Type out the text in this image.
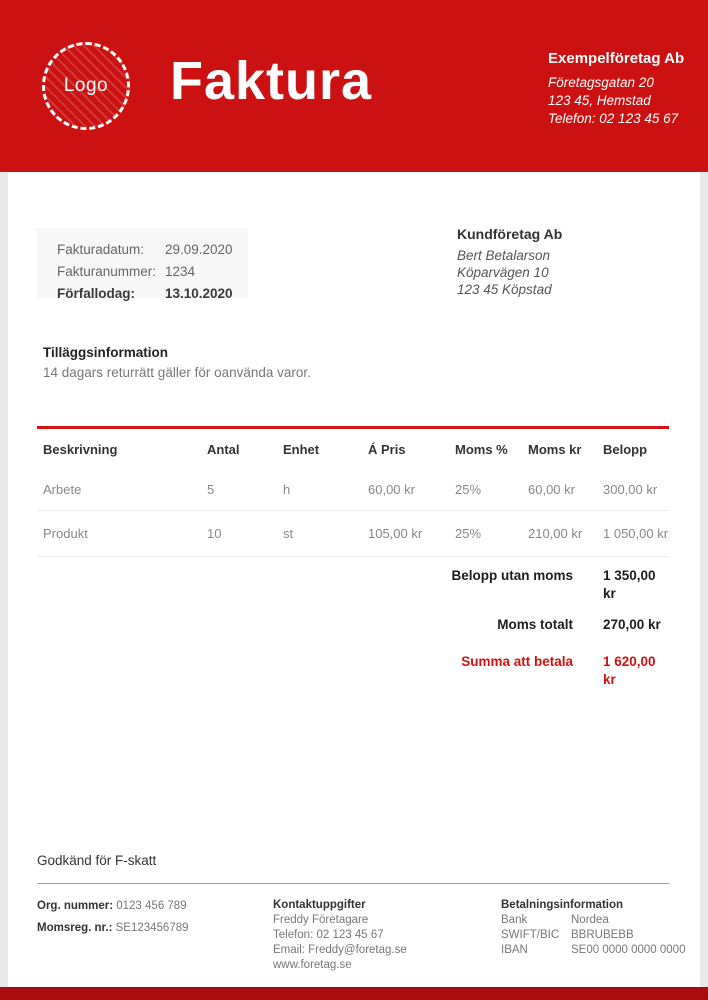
Logo Faktura	Exempelföretag Ab
Företagsgatan 20
123 45, Hemstad
Telefon: 02 123 45 67
Fakturadatum: 29.09.2020
Fakturanummer: 1234
Förfallodag: 13.10.2020
Kundföretag Ab
Bert Betalarson
Köparvägen 10
123 45 Köpstad
Tilläggsinformation
14 dagars returrätt gäller för oanvända varor.
Beskrivning	Antal	Enhet	Á Pris	Moms %	Moms kr	Belopp
Arbete	5	h	60,00 kr	25%	60,00 kr	300,00 kr
Produkt	10	st	105,00 kr	25%	210,00 kr	1 050,00 kr
Belopp utan moms	1 350,00 kr
Moms totalt	270,00 kr
Summa att betala	1 620,00 kr
Godkänd för F-skatt
Org. nummer: 0123 456 789
Momsreg. nr.: SE123456789
Kontaktuppgifter
Freddy Företagare
Telefon: 02 123 45 67
Email: Freddy@foretag.se
www.foretag.se
Betalningsinformation
Bank	Nordea
SWIFT/BIC	BBRUBEBB
IBAN	SE00 0000 0000 0000
